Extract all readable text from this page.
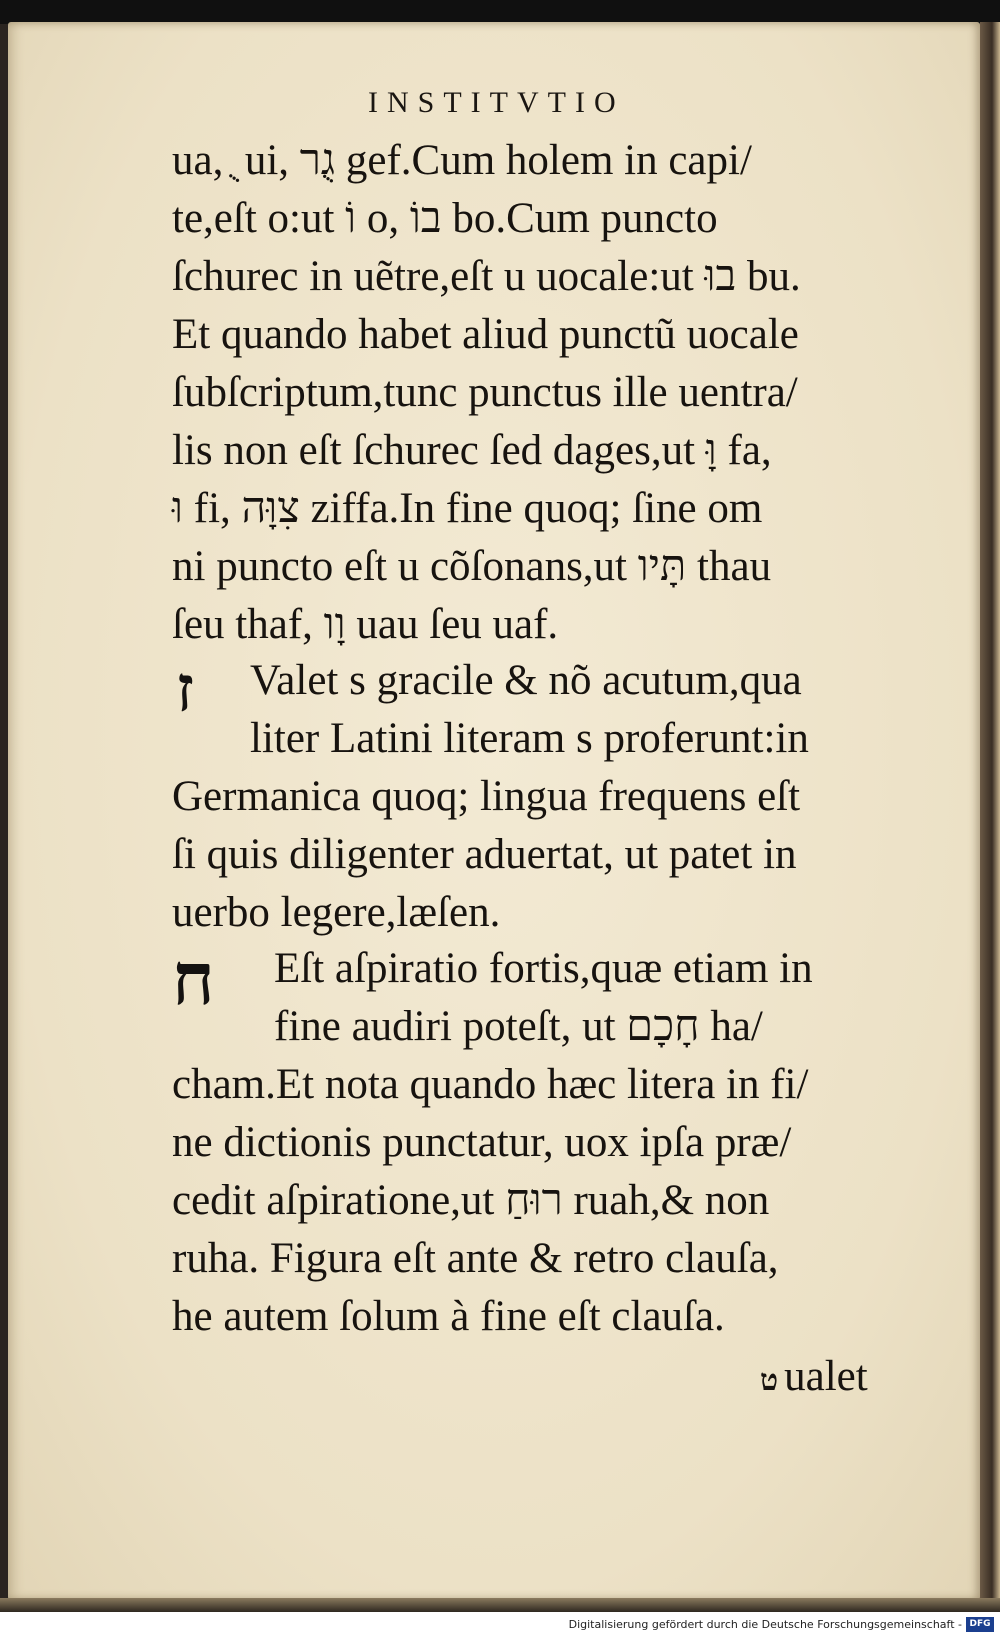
INSTITVTIO
ua, ֻ ui, גֻר gef.Cum holem in capi/
te,eſt o:ut וֹ o, בוֹ bo.Cum puncto
ſchurec in uẽtre,eſt u uocale:ut בוּ bu.
Et quando habet aliud punctũ uocale
ſubſcriptum,tunc punctus ille uentra/
lis non eſt ſchurec ſed dages,ut וָּ fa,
וּ fi, צִוָּה ziffa.In fine quoq; ſine om
ni puncto eſt u cõſonans,ut תָּיו thau
ſeu thaf, וָו uau ſeu uaf.
ז	Valet s gracile & nõ acutum,qua
liter Latini literam s proferunt:in
Germanica quoq; lingua frequens eſt
ſi quis diligenter aduertat, ut patet in
uerbo legere,læſen.
ח	Eſt aſpiratio fortis,quæ etiam in
fine audiri poteſt, ut חָכָם ha/
cham.Et nota quando hæc litera in fi/
ne dictionis punctatur, uox ipſa præ/
cedit aſpiratione,ut רוּחַ ruah,& non
ruha. Figura eſt ante & retro clauſa,
he autem ſolum à fine eſt clauſa.
ט ualet
Digitalisierung gefördert durch die Deutsche Forschungsgemeinschaft - DFG
